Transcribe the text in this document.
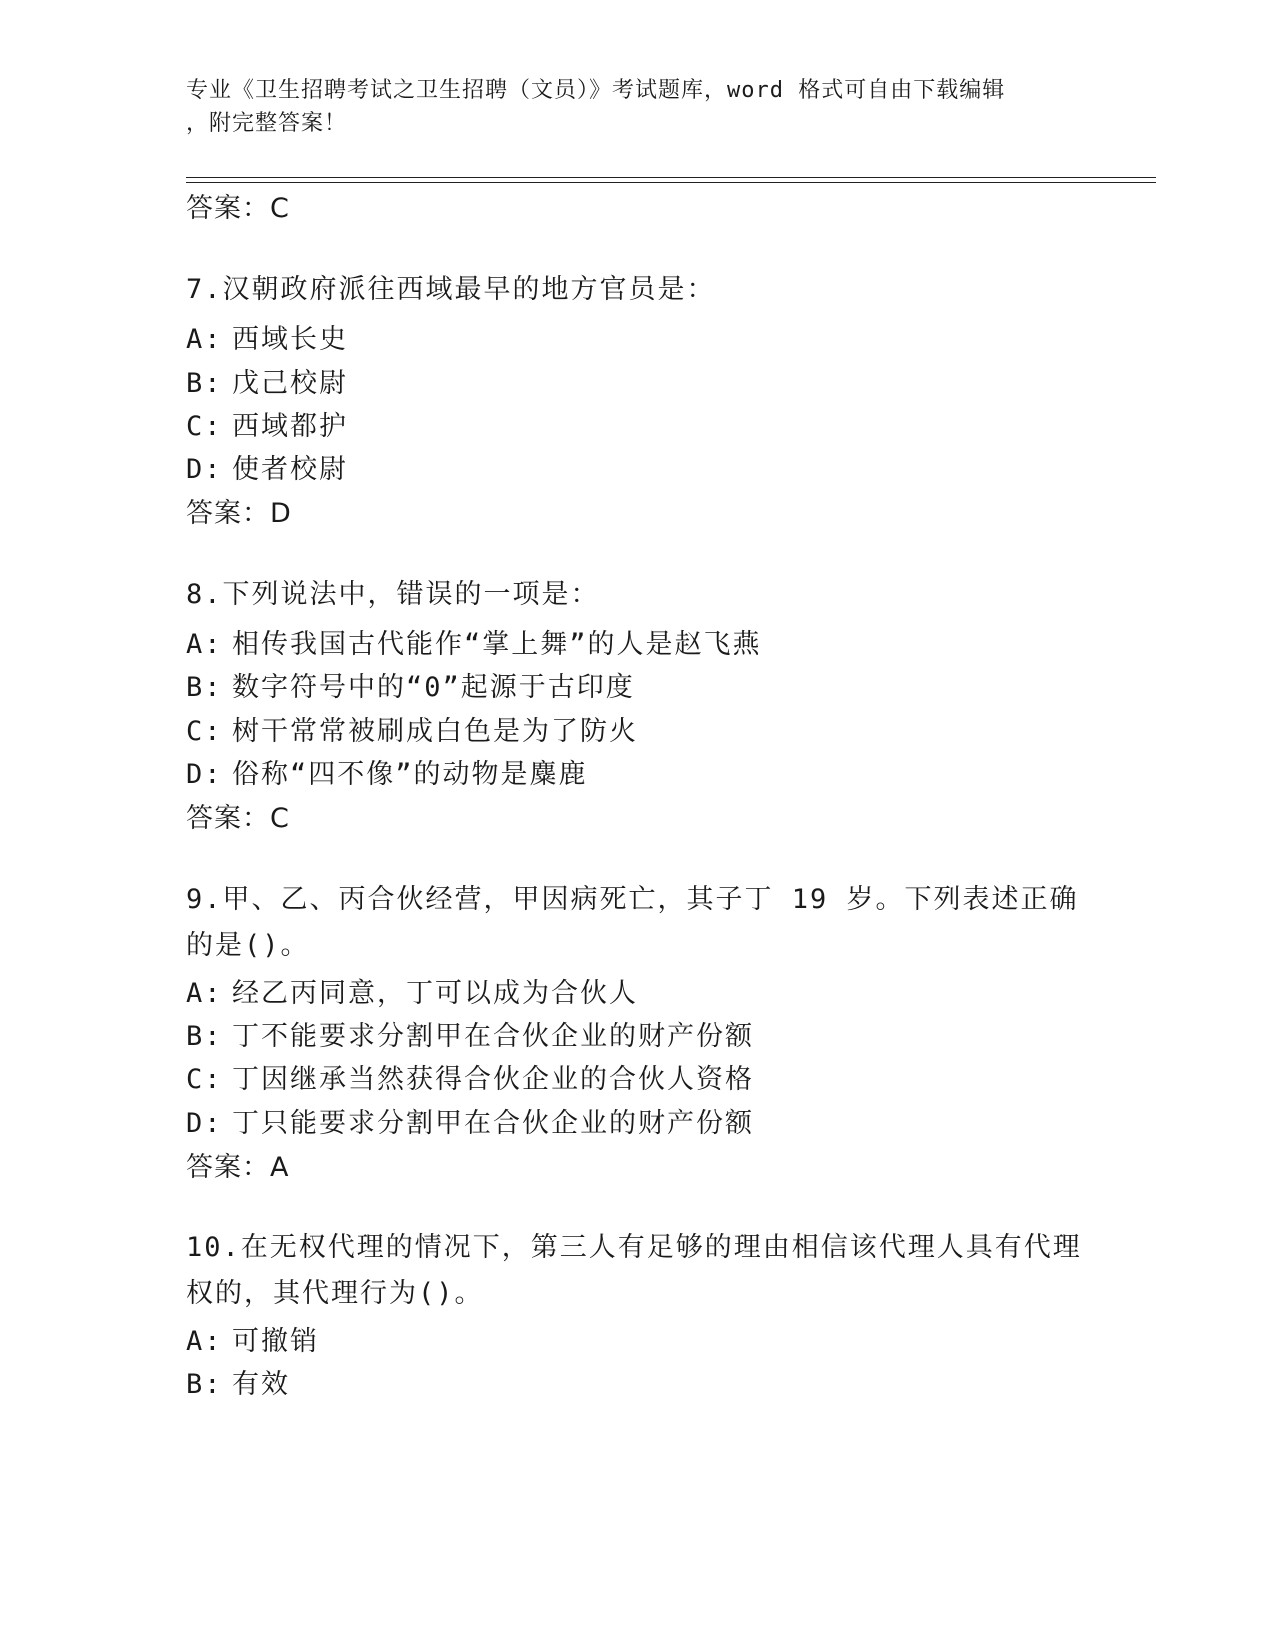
专业《卫生招聘考试之卫生招聘（文员）》考试题库，word 格式可自由下载编辑
，附完整答案！
答案：C
7.汉朝政府派往西域最早的地方官员是：
A: 西域长史
B: 戊己校尉
C: 西域都护
D: 使者校尉
答案：D
8.下列说法中，错误的一项是：
A: 相传我国古代能作“掌上舞”的人是赵飞燕
B: 数字符号中的“0”起源于古印度
C: 树干常常被刷成白色是为了防火
D: 俗称“四不像”的动物是麋鹿
答案：C
9.甲、乙、丙合伙经营，甲因病死亡，其子丁 19 岁。下列表述正确的是()。
A: 经乙丙同意，丁可以成为合伙人
B: 丁不能要求分割甲在合伙企业的财产份额
C: 丁因继承当然获得合伙企业的合伙人资格
D: 丁只能要求分割甲在合伙企业的财产份额
答案：A
10.在无权代理的情况下，第三人有足够的理由相信该代理人具有代理权的，其代理行为()。
A: 可撤销
B: 有效
